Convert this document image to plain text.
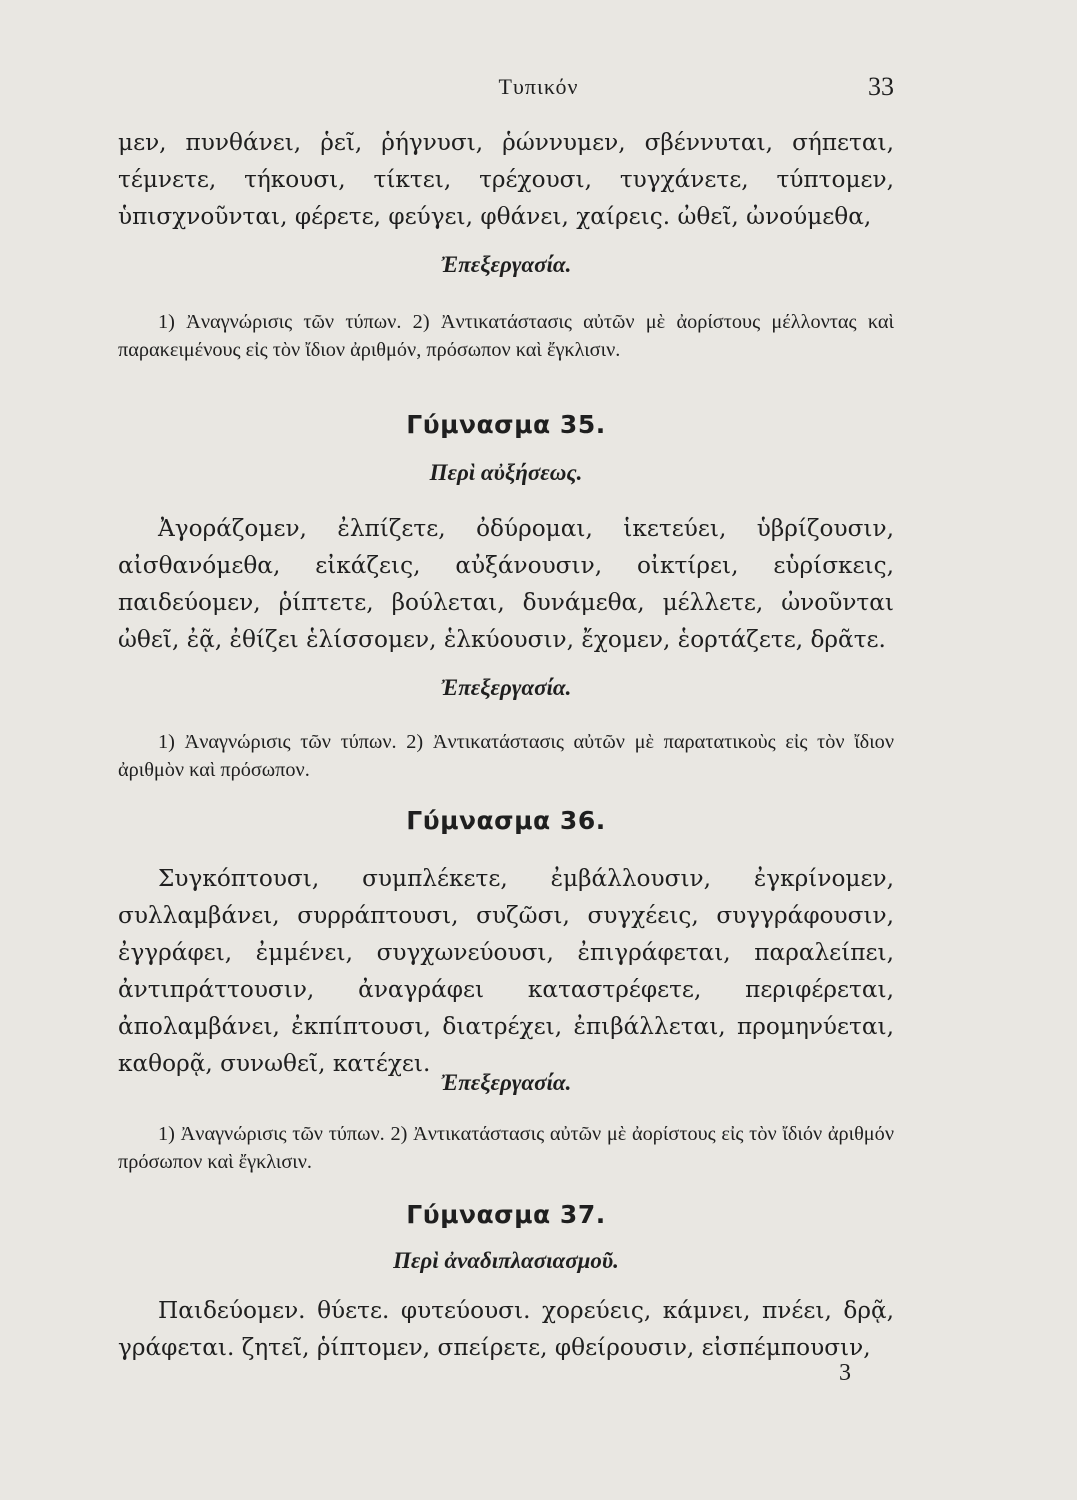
Τυπικόν	33

μεν, πυνθάνει, ῥεῖ, ῥήγνυσι, ῥώννυμεν, σβέννυται, σήπεται, τέμνετε, τήκουσι, τίκτει, τρέχουσι, τυγχάνετε, τύπτομεν, ὑπισχνοῦνται, φέρετε, φεύγει, φθάνει, χαίρεις. ὠθεῖ, ὠνούμεθα,

Ἐπεξεργασία.

1) Ἀναγνώρισις τῶν τύπων. 2) Ἀντικατάστασις αὐτῶν μὲ ἀορίστους μέλλοντας καὶ παρακειμένους εἰς τὸν ἴδιον ἀριθμόν, πρόσωπον καὶ ἔγκλισιν.

Γύμνασμα 35.
Περὶ αὐξήσεως.

Ἀγοράζομεν, ἐλπίζετε, ὀδύρομαι, ἱκετεύει, ὑβρίζουσιν, αἰσθανόμεθα, εἰκάζεις, αὐξάνουσιν, οἰκτίρει, εὑρίσκεις, παιδεύομεν, ῥίπτετε, βούλεται, δυνάμεθα, μέλλετε, ὠνοῦνται ὠθεῖ, ἐᾷ, ἐθίζει ἑλίσσομεν, ἑλκύουσιν, ἔχομεν, ἑορτάζετε, δρᾶτε.

Ἐπεξεργασία.

1) Ἀναγνώρισις τῶν τύπων. 2) Ἀντικατάστασις αὐτῶν μὲ παρατατικοὺς εἰς τὸν ἴδιον ἀριθμὸν καὶ πρόσωπον.

Γύμνασμα 36.

Συγκόπτουσι, συμπλέκετε, ἐμβάλλουσιν, ἐγκρίνομεν, συλλαμβάνει, συρράπτουσι, συζῶσι, συγχέεις, συγγράφουσιν, ἐγγράφει, ἐμμένει, συγχωνεύουσι, ἐπιγράφεται, παραλείπει, ἀντιπράττουσιν, ἀναγράφει καταστρέφετε, περιφέρεται, ἀπολαμβάνει, ἐκπίπτουσι, διατρέχει, ἐπιβάλλεται, προμηνύεται, καθορᾷ, συνωθεῖ, κατέχει.

Ἐπεξεργασία.

1) Ἀναγνώρισις τῶν τύπων. 2) Ἀντικατάστασις αὐτῶν μὲ ἀορίστους εἰς τὸν ἴδιόν ἀριθμόν πρόσωπον καὶ ἔγκλισιν.

Γύμνασμα 37.
Περὶ ἀναδιπλασιασμοῦ.

Παιδεύομεν. θύετε. φυτεύουσι. χορεύεις, κάμνει, πνέει, δρᾷ, γράφεται. ζητεῖ, ῥίπτομεν, σπείρετε, φθείρουσιν, εἰσπέμπουσιν,

3
